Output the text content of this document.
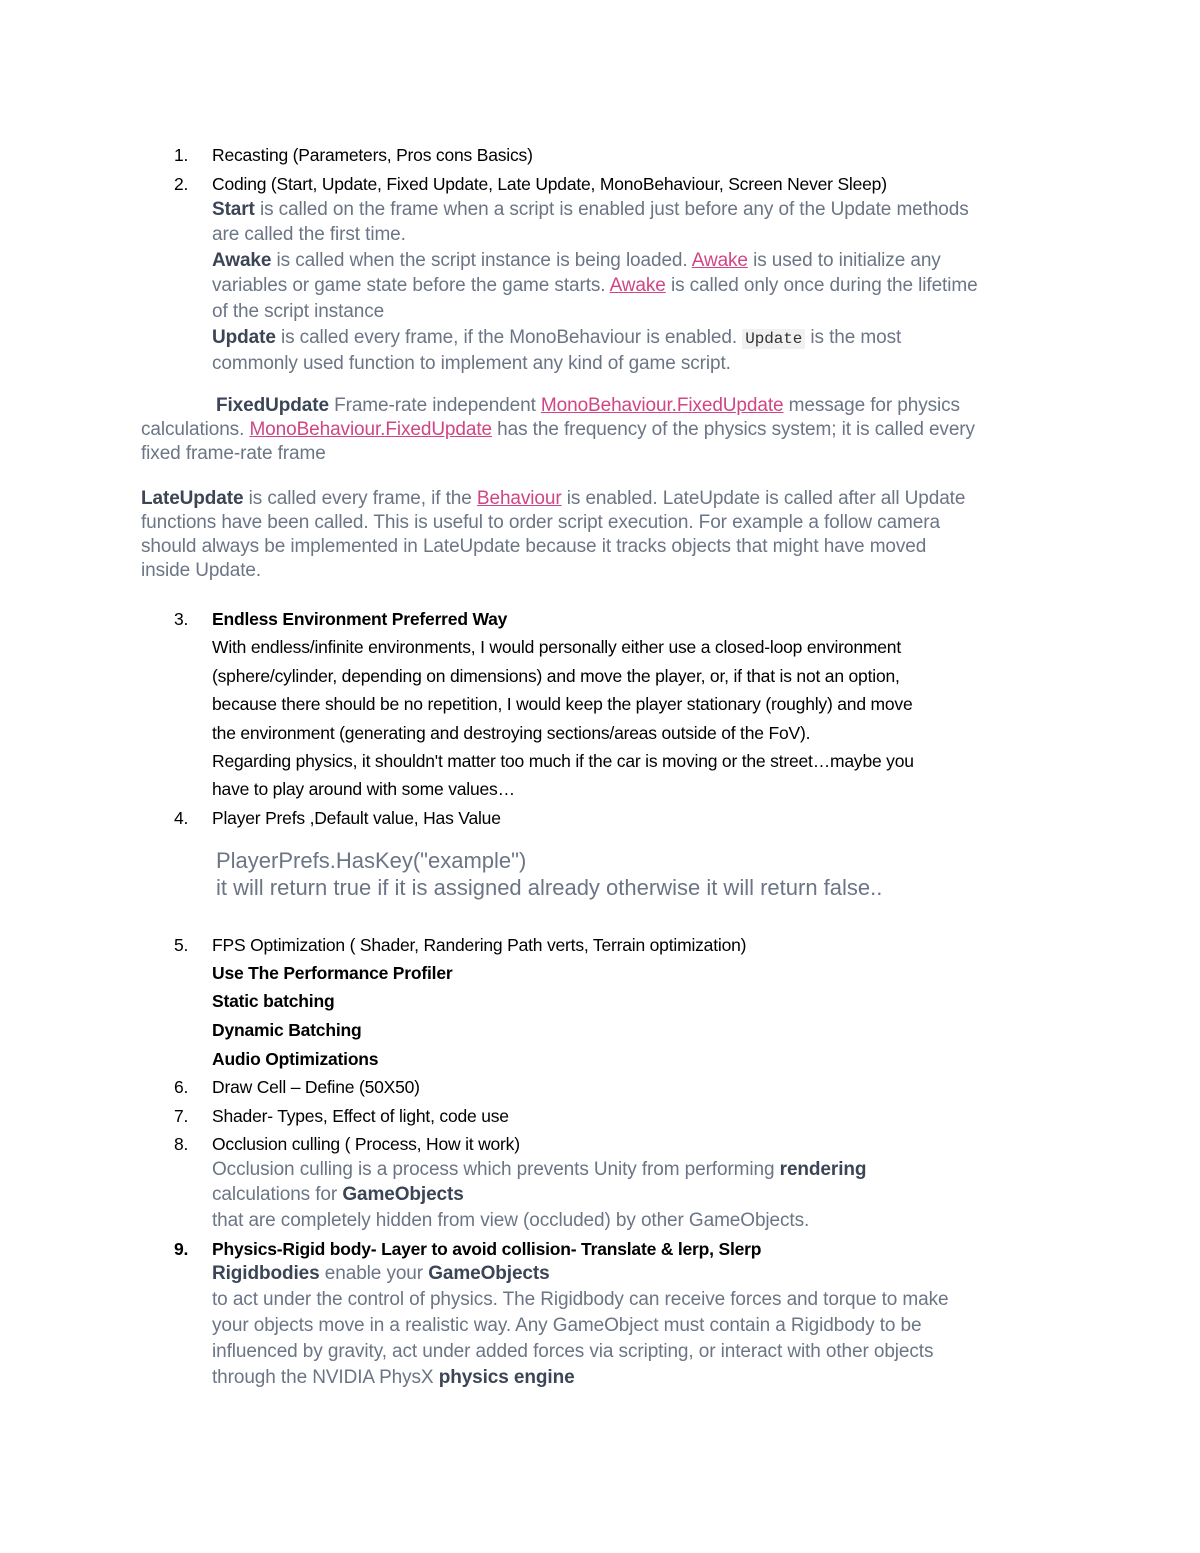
1.	Recasting (Parameters, Pros cons Basics)
2.	Coding (Start, Update, Fixed Update, Late Update, MonoBehaviour, Screen Never Sleep)
Start is called on the frame when a script is enabled just before any of the Update methods
are called the first time.
Awake is called when the script instance is being loaded. Awake is used to initialize any
variables or game state before the game starts. Awake is called only once during the lifetime
of the script instance
Update is called every frame, if the MonoBehaviour is enabled. Update is the most
commonly used function to implement any kind of game script.
FixedUpdate Frame-rate independent MonoBehaviour.FixedUpdate message for physics
calculations. MonoBehaviour.FixedUpdate has the frequency of the physics system; it is called every
fixed frame-rate frame
LateUpdate is called every frame, if the Behaviour is enabled. LateUpdate is called after all Update
functions have been called. This is useful to order script execution. For example a follow camera
should always be implemented in LateUpdate because it tracks objects that might have moved
inside Update.
3.	Endless Environment Preferred Way
With endless/infinite environments, I would personally either use a closed-loop environment
(sphere/cylinder, depending on dimensions) and move the player, or, if that is not an option,
because there should be no repetition, I would keep the player stationary (roughly) and move
the environment (generating and destroying sections/areas outside of the FoV).
Regarding physics, it shouldn't matter too much if the car is moving or the street…maybe you
have to play around with some values…
4.	Player Prefs ,Default value, Has Value
PlayerPrefs.HasKey("example")
it will return true if it is assigned already otherwise it will return false..
5.	FPS Optimization ( Shader, Randering Path verts, Terrain optimization)
Use The Performance Profiler
Static batching
Dynamic Batching
Audio Optimizations
6.	Draw Cell – Define (50X50)
7.	Shader- Types, Effect of light, code use
8.	Occlusion culling ( Process, How it work)
Occlusion culling is a process which prevents Unity from performing rendering
calculations for GameObjects
that are completely hidden from view (occluded) by other GameObjects.
9.	Physics-Rigid body- Layer to avoid collision- Translate & lerp, Slerp
Rigidbodies enable your GameObjects
to act under the control of physics. The Rigidbody can receive forces and torque to make
your objects move in a realistic way. Any GameObject must contain a Rigidbody to be
influenced by gravity, act under added forces via scripting, or interact with other objects
through the NVIDIA PhysX physics engine
